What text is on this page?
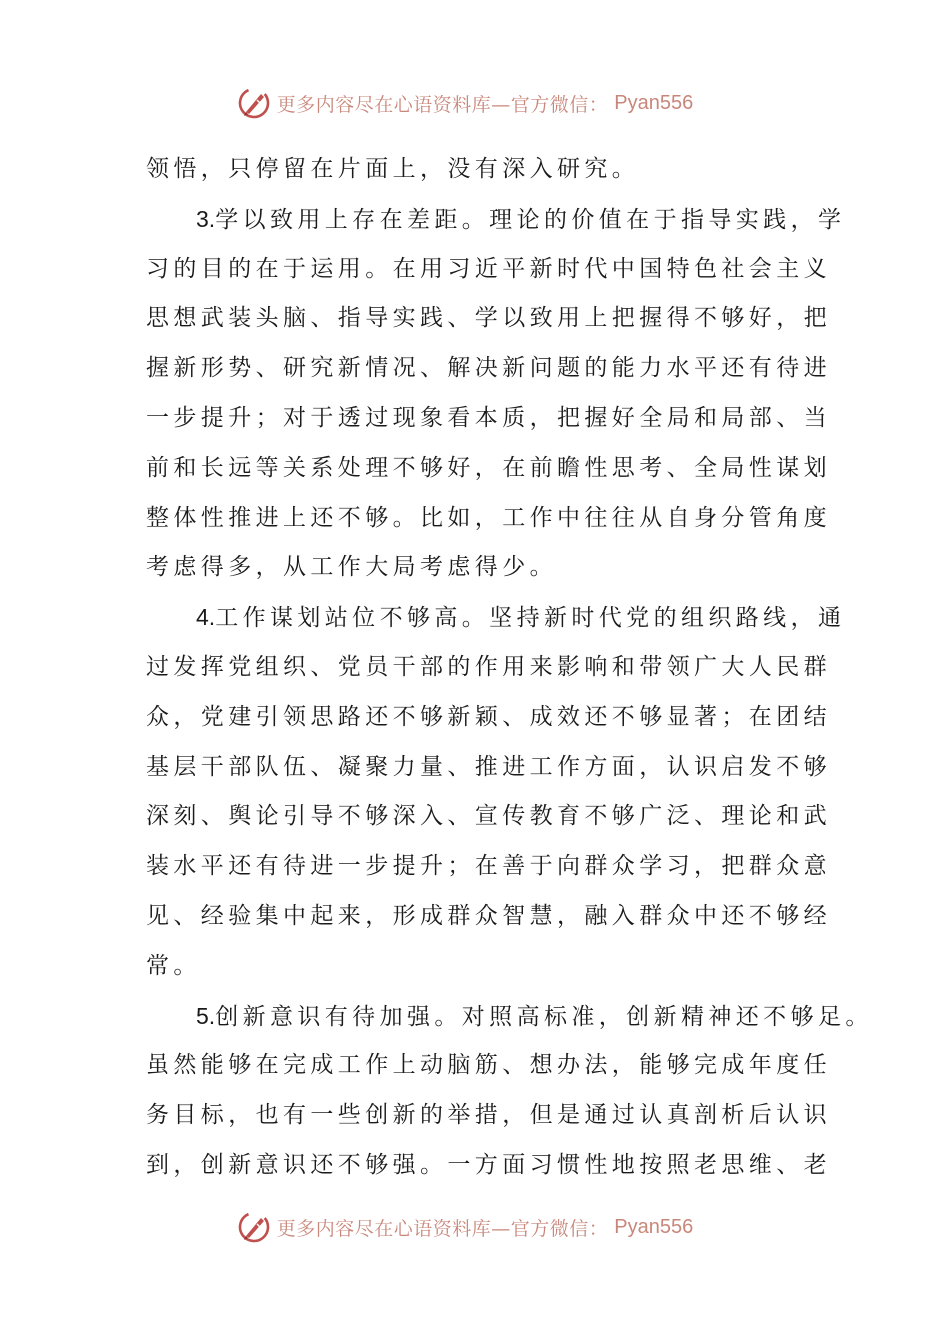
更多内容尽在心语资料库—官方微信： Pyan556
领悟，只停留在片面上，没有深入研究。
3.学以致用上存在差距。理论的价值在于指导实践，学
习的目的在于运用。在用习近平新时代中国特色社会主义
思想武装头脑、指导实践、学以致用上把握得不够好，把
握新形势、研究新情况、解决新问题的能力水平还有待进
一步提升；对于透过现象看本质，把握好全局和局部、当
前和长远等关系处理不够好，在前瞻性思考、全局性谋划
整体性推进上还不够。比如，工作中往往从自身分管角度
考虑得多，从工作大局考虑得少。
4.工作谋划站位不够高。坚持新时代党的组织路线，通
过发挥党组织、党员干部的作用来影响和带领广大人民群
众，党建引领思路还不够新颖、成效还不够显著；在团结
基层干部队伍、凝聚力量、推进工作方面，认识启发不够
深刻、舆论引导不够深入、宣传教育不够广泛、理论和武
装水平还有待进一步提升；在善于向群众学习，把群众意
见、经验集中起来，形成群众智慧，融入群众中还不够经
常。
5.创新意识有待加强。对照高标准，创新精神还不够足。
虽然能够在完成工作上动脑筋、想办法，能够完成年度任
务目标，也有一些创新的举措，但是通过认真剖析后认识
到，创新意识还不够强。一方面习惯性地按照老思维、老
更多内容尽在心语资料库—官方微信： Pyan556
